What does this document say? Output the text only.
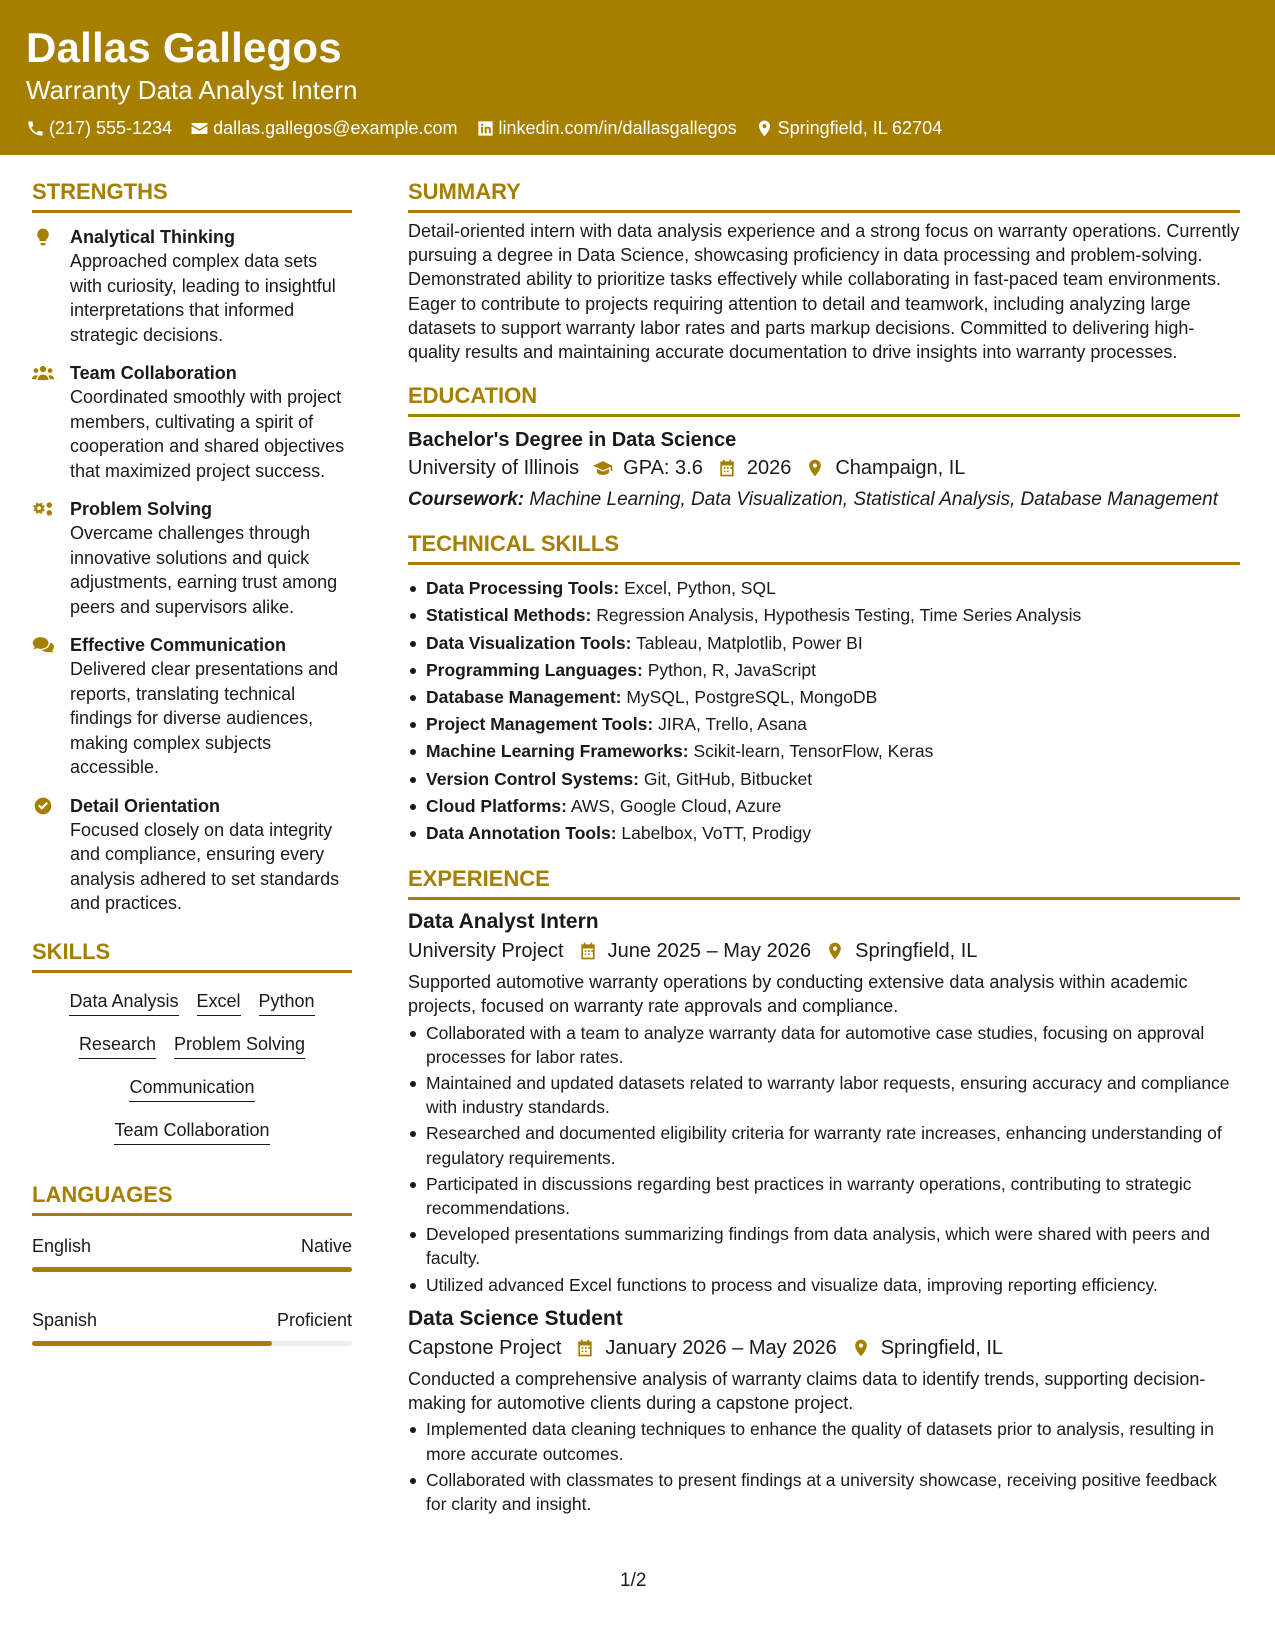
Dallas Gallegos
Warranty Data Analyst Intern
(217) 555-1234 dallas.gallegos@example.com linkedin.com/in/dallasgallegos Springfield, IL 62704
STRENGTHS
Analytical Thinking
Approached complex data sets with curiosity, leading to insightful interpretations that informed strategic decisions.
Team Collaboration
Coordinated smoothly with project members, cultivating a spirit of cooperation and shared objectives that maximized project success.
Problem Solving
Overcame challenges through innovative solutions and quick adjustments, earning trust among peers and supervisors alike.
Effective Communication
Delivered clear presentations and reports, translating technical findings for diverse audiences, making complex subjects accessible.
Detail Orientation
Focused closely on data integrity and compliance, ensuring every analysis adhered to set standards and practices.
SKILLS
Data Analysis Excel Python
Research Problem Solving
Communication
Team Collaboration
LANGUAGES
English	Native
Spanish	Proficient
SUMMARY
Detail-oriented intern with data analysis experience and a strong focus on warranty operations. Currently pursuing a degree in Data Science, showcasing proficiency in data processing and problem-solving. Demonstrated ability to prioritize tasks effectively while collaborating in fast-paced team environments. Eager to contribute to projects requiring attention to detail and teamwork, including analyzing large datasets to support warranty labor rates and parts markup decisions. Committed to delivering high-quality results and maintaining accurate documentation to drive insights into warranty processes.
EDUCATION
Bachelor's Degree in Data Science
University of Illinois GPA: 3.6 2026 Champaign, IL
Coursework: Machine Learning, Data Visualization, Statistical Analysis, Database Management
TECHNICAL SKILLS
Data Processing Tools: Excel, Python, SQL
Statistical Methods: Regression Analysis, Hypothesis Testing, Time Series Analysis
Data Visualization Tools: Tableau, Matplotlib, Power BI
Programming Languages: Python, R, JavaScript
Database Management: MySQL, PostgreSQL, MongoDB
Project Management Tools: JIRA, Trello, Asana
Machine Learning Frameworks: Scikit-learn, TensorFlow, Keras
Version Control Systems: Git, GitHub, Bitbucket
Cloud Platforms: AWS, Google Cloud, Azure
Data Annotation Tools: Labelbox, VoTT, Prodigy
EXPERIENCE
Data Analyst Intern
University Project June 2025 – May 2026 Springfield, IL
Supported automotive warranty operations by conducting extensive data analysis within academic projects, focused on warranty rate approvals and compliance.
Collaborated with a team to analyze warranty data for automotive case studies, focusing on approval processes for labor rates.
Maintained and updated datasets related to warranty labor requests, ensuring accuracy and compliance with industry standards.
Researched and documented eligibility criteria for warranty rate increases, enhancing understanding of regulatory requirements.
Participated in discussions regarding best practices in warranty operations, contributing to strategic recommendations.
Developed presentations summarizing findings from data analysis, which were shared with peers and faculty.
Utilized advanced Excel functions to process and visualize data, improving reporting efficiency.
Data Science Student
Capstone Project January 2026 – May 2026 Springfield, IL
Conducted a comprehensive analysis of warranty claims data to identify trends, supporting decision-making for automotive clients during a capstone project.
Implemented data cleaning techniques to enhance the quality of datasets prior to analysis, resulting in more accurate outcomes.
Collaborated with classmates to present findings at a university showcase, receiving positive feedback for clarity and insight.
1/2
